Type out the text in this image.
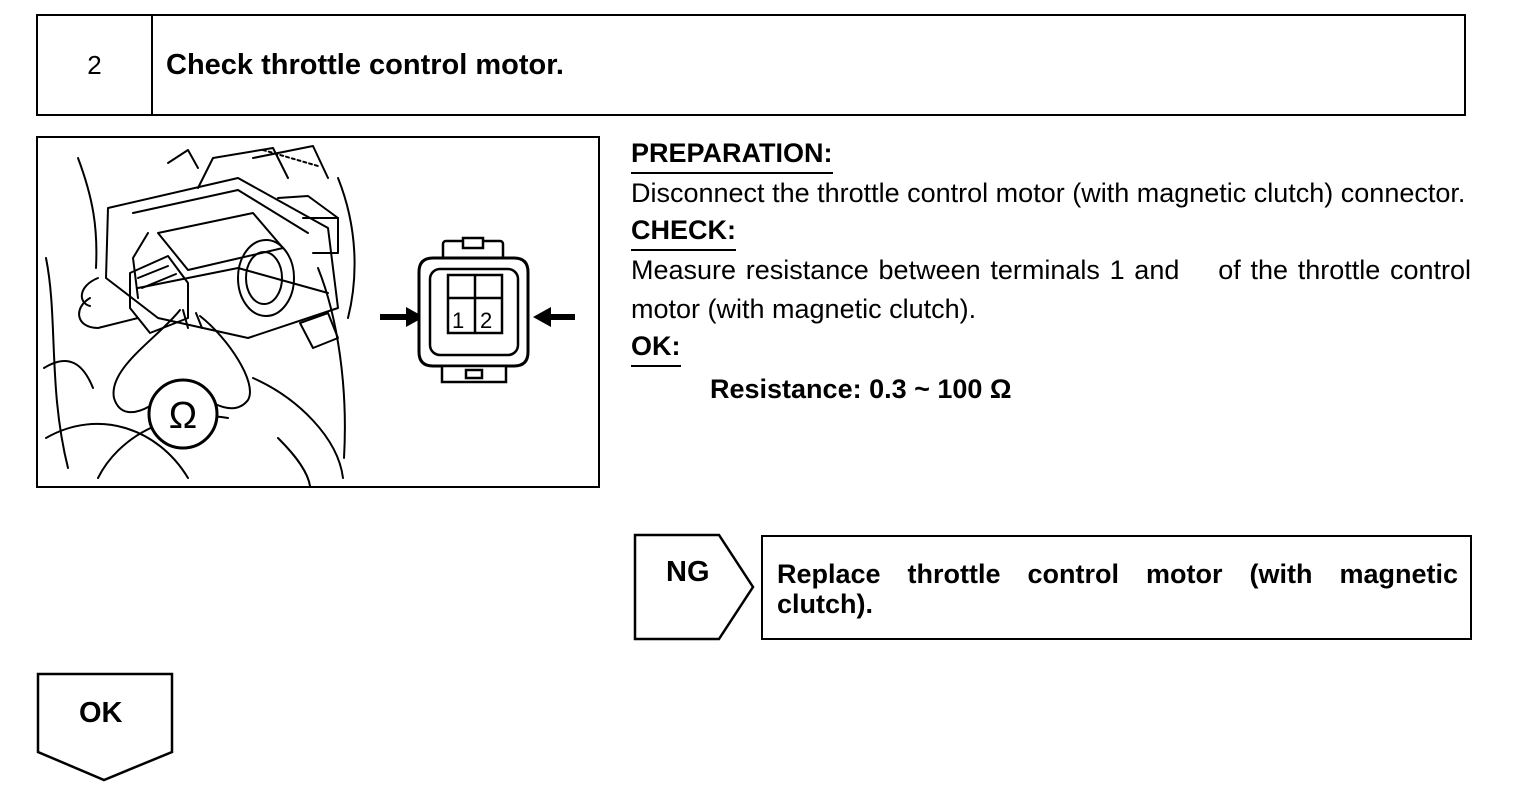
2	Check throttle control motor.
Ω
1 2
PREPARATION:
Disconnect the throttle control motor (with magnetic clutch) connector.
CHECK:
Measure resistance between terminals 1 and    of the throttle control motor (with magnetic clutch).
OK:
Resistance: 0.3 ~ 100 Ω
NG	Replace throttle control motor (with magnetic clutch).
OK
